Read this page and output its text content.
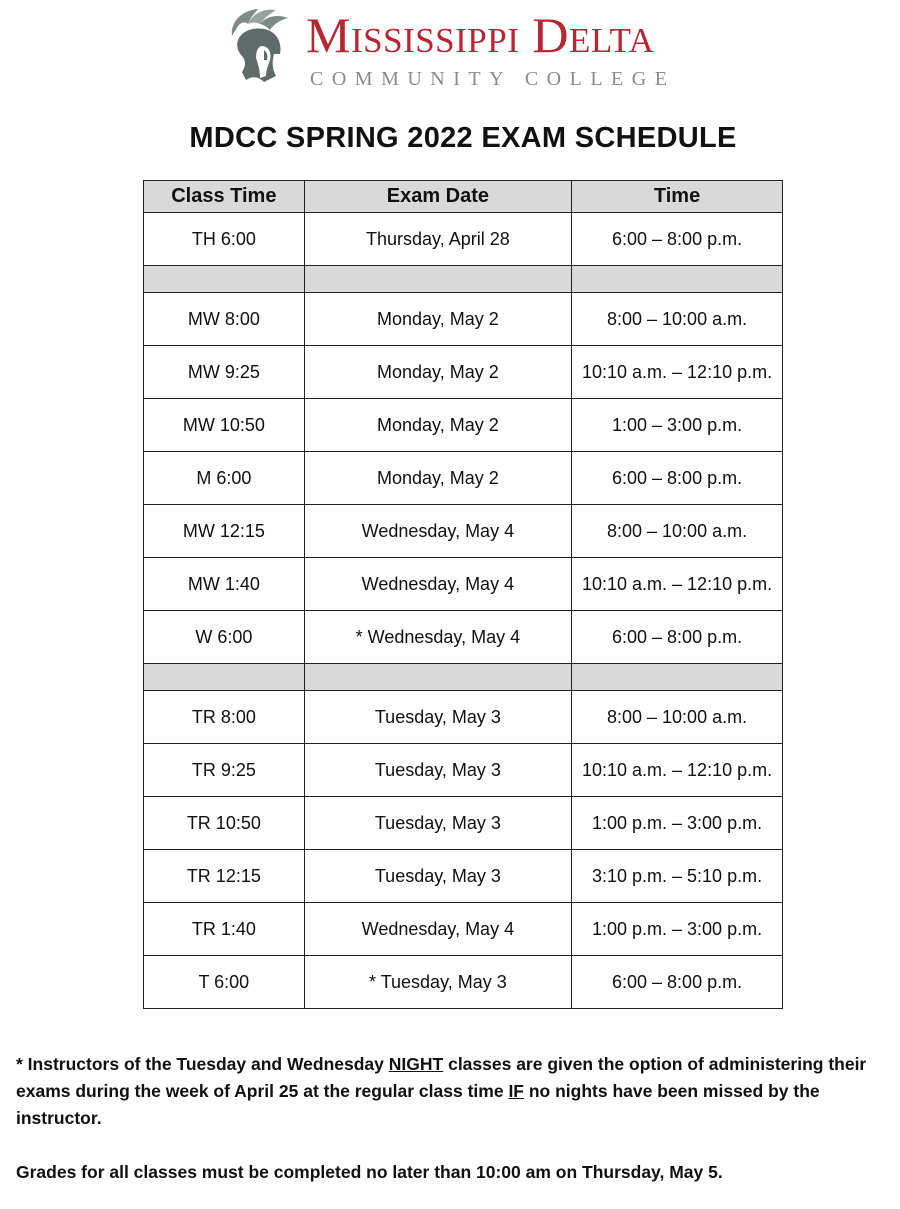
Mississippi Delta
COMMUNITY COLLEGE
MDCC SPRING 2022 EXAM SCHEDULE
Class Time	Exam Date	Time
TH 6:00	Thursday, April 28	6:00 – 8:00 p.m.

MW 8:00	Monday, May 2	8:00 – 10:00 a.m.
MW 9:25	Monday, May 2	10:10 a.m. – 12:10 p.m.
MW 10:50	Monday, May 2	1:00 – 3:00 p.m.
M 6:00	Monday, May 2	6:00 – 8:00 p.m.
MW 12:15	Wednesday, May 4	8:00 – 10:00 a.m.
MW 1:40	Wednesday, May 4	10:10 a.m. – 12:10 p.m.
W 6:00	* Wednesday, May 4	6:00 – 8:00 p.m.

TR 8:00	Tuesday, May 3	8:00 – 10:00 a.m.
TR 9:25	Tuesday, May 3	10:10 a.m. – 12:10 p.m.
TR 10:50	Tuesday, May 3	1:00 p.m. – 3:00 p.m.
TR 12:15	Tuesday, May 3	3:10 p.m. – 5:10 p.m.
TR 1:40	Wednesday, May 4	1:00 p.m. – 3:00 p.m.
T 6:00	* Tuesday, May 3	6:00 – 8:00 p.m.

* Instructors of the Tuesday and Wednesday NIGHT classes are given the option of administering their exams during the week of April 25 at the regular class time IF no nights have been missed by the instructor.

Grades for all classes must be completed no later than 10:00 am on Thursday, May 5.
